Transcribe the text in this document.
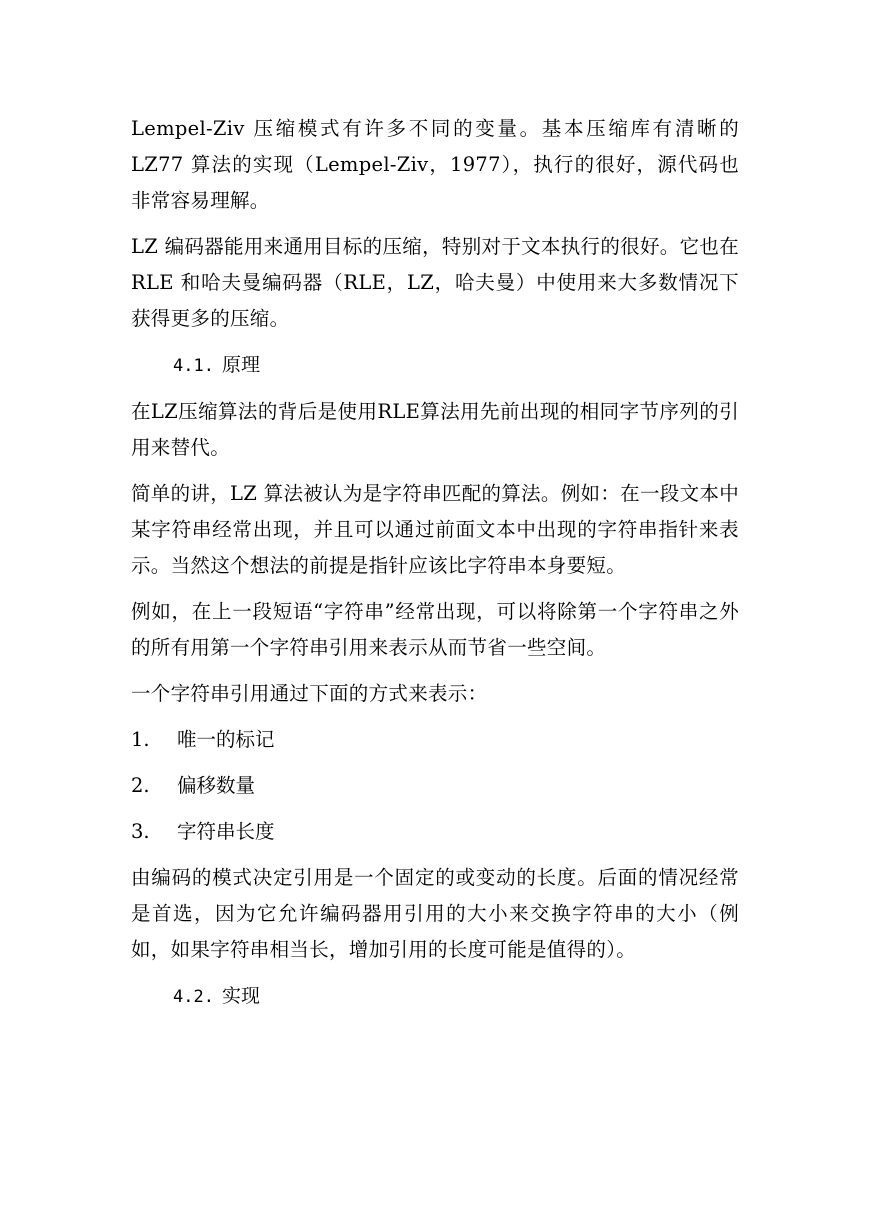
Lempel-Ziv 压缩模式有许多不同的变量。基本压缩库有清晰的 LZ77 算法的实现（Lempel-Ziv，1977），执行的很好，源代码也非常容易理解。

LZ 编码器能用来通用目标的压缩，特别对于文本执行的很好。它也在 RLE 和哈夫曼编码器（RLE，LZ，哈夫曼）中使用来大多数情况下获得更多的压缩。

4.1. 原理

在LZ压缩算法的背后是使用RLE算法用先前出现的相同字节序列的引用来替代。

简单的讲，LZ 算法被认为是字符串匹配的算法。例如：在一段文本中某字符串经常出现，并且可以通过前面文本中出现的字符串指针来表示。当然这个想法的前提是指针应该比字符串本身要短。

例如，在上一段短语“字符串”经常出现，可以将除第一个字符串之外的所有用第一个字符串引用来表示从而节省一些空间。

一个字符串引用通过下面的方式来表示：

1.	唯一的标记
2.	偏移数量
3.	字符串长度

由编码的模式决定引用是一个固定的或变动的长度。后面的情况经常是首选，因为它允许编码器用引用的大小来交换字符串的大小（例如，如果字符串相当长，增加引用的长度可能是值得的）。

4.2. 实现
